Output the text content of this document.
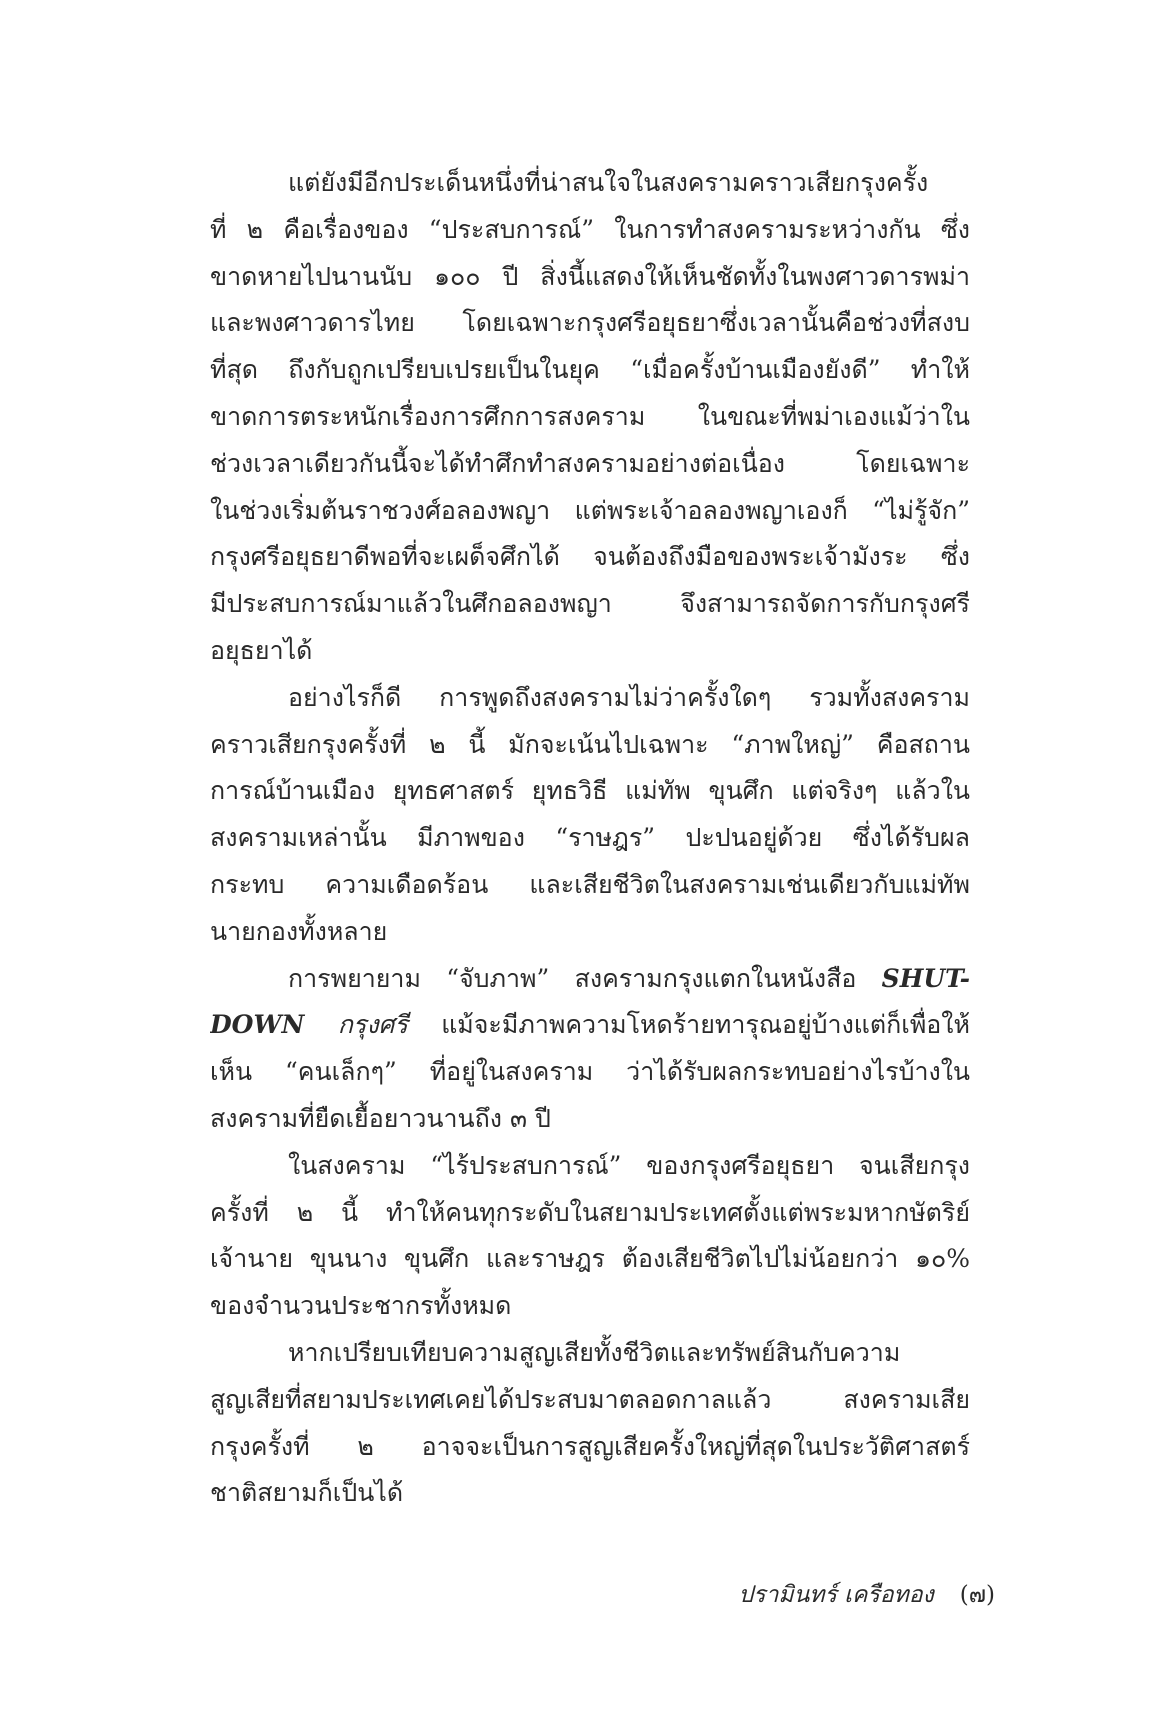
แต่ยังมีอีกประเด็นหนึ่งที่น่าสนใจในสงครามคราวเสียกรุงครั้ง
ที่ ๒ คือเรื่องของ “ประสบการณ์” ในการทำสงครามระหว่างกัน ซึ่ง
ขาดหายไปนานนับ ๑๐๐ ปี สิ่งนี้แสดงให้เห็นชัดทั้งในพงศาวดารพม่า
และพงศาวดารไทย โดยเฉพาะกรุงศรีอยุธยาซึ่งเวลานั้นคือช่วงที่สงบ
ที่สุด ถึงกับถูกเปรียบเปรยเป็นในยุค “เมื่อครั้งบ้านเมืองยังดี” ทำให้
ขาดการตระหนักเรื่องการศึกการสงคราม ในขณะที่พม่าเองแม้ว่าใน
ช่วงเวลาเดียวกันนี้จะได้ทำศึกทำสงครามอย่างต่อเนื่อง โดยเฉพาะ
ในช่วงเริ่มต้นราชวงศ์อลองพญา แต่พระเจ้าอลองพญาเองก็ “ไม่รู้จัก”
กรุงศรีอยุธยาดีพอที่จะเผด็จศึกได้ จนต้องถึงมือของพระเจ้ามังระ ซึ่ง
มีประสบการณ์มาแล้วในศึกอลองพญา จึงสามารถจัดการกับกรุงศรี
อยุธยาได้
อย่างไรก็ดี การพูดถึงสงครามไม่ว่าครั้งใดๆ รวมทั้งสงคราม
คราวเสียกรุงครั้งที่ ๒ นี้ มักจะเน้นไปเฉพาะ “ภาพใหญ่” คือสถาน
การณ์บ้านเมือง ยุทธศาสตร์ ยุทธวิธี แม่ทัพ ขุนศึก แต่จริงๆ แล้วใน
สงครามเหล่านั้น มีภาพของ “ราษฎร” ปะปนอยู่ด้วย ซึ่งได้รับผล
กระทบ ความเดือดร้อน และเสียชีวิตในสงครามเช่นเดียวกับแม่ทัพ
นายกองทั้งหลาย
การพยายาม “จับภาพ” สงครามกรุงแตกในหนังสือ SHUT-
DOWN กรุงศรี แม้จะมีภาพความโหดร้ายทารุณอยู่บ้างแต่ก็เพื่อให้
เห็น “คนเล็กๆ” ที่อยู่ในสงคราม ว่าได้รับผลกระทบอย่างไรบ้างใน
สงครามที่ยืดเยื้อยาวนานถึง ๓ ปี
ในสงคราม “ไร้ประสบการณ์” ของกรุงศรีอยุธยา จนเสียกรุง
ครั้งที่ ๒ นี้ ทำให้คนทุกระดับในสยามประเทศตั้งแต่พระมหากษัตริย์
เจ้านาย ขุนนาง ขุนศึก และราษฎร ต้องเสียชีวิตไปไม่น้อยกว่า ๑๐%
ของจำนวนประชากรทั้งหมด
หากเปรียบเทียบความสูญเสียทั้งชีวิตและทรัพย์สินกับความ
สูญเสียที่สยามประเทศเคยได้ประสบมาตลอดกาลแล้ว สงครามเสีย
กรุงครั้งที่ ๒ อาจจะเป็นการสูญเสียครั้งใหญ่ที่สุดในประวัติศาสตร์
ชาติสยามก็เป็นได้
ปรามินทร์ เครือทอง (๗)
